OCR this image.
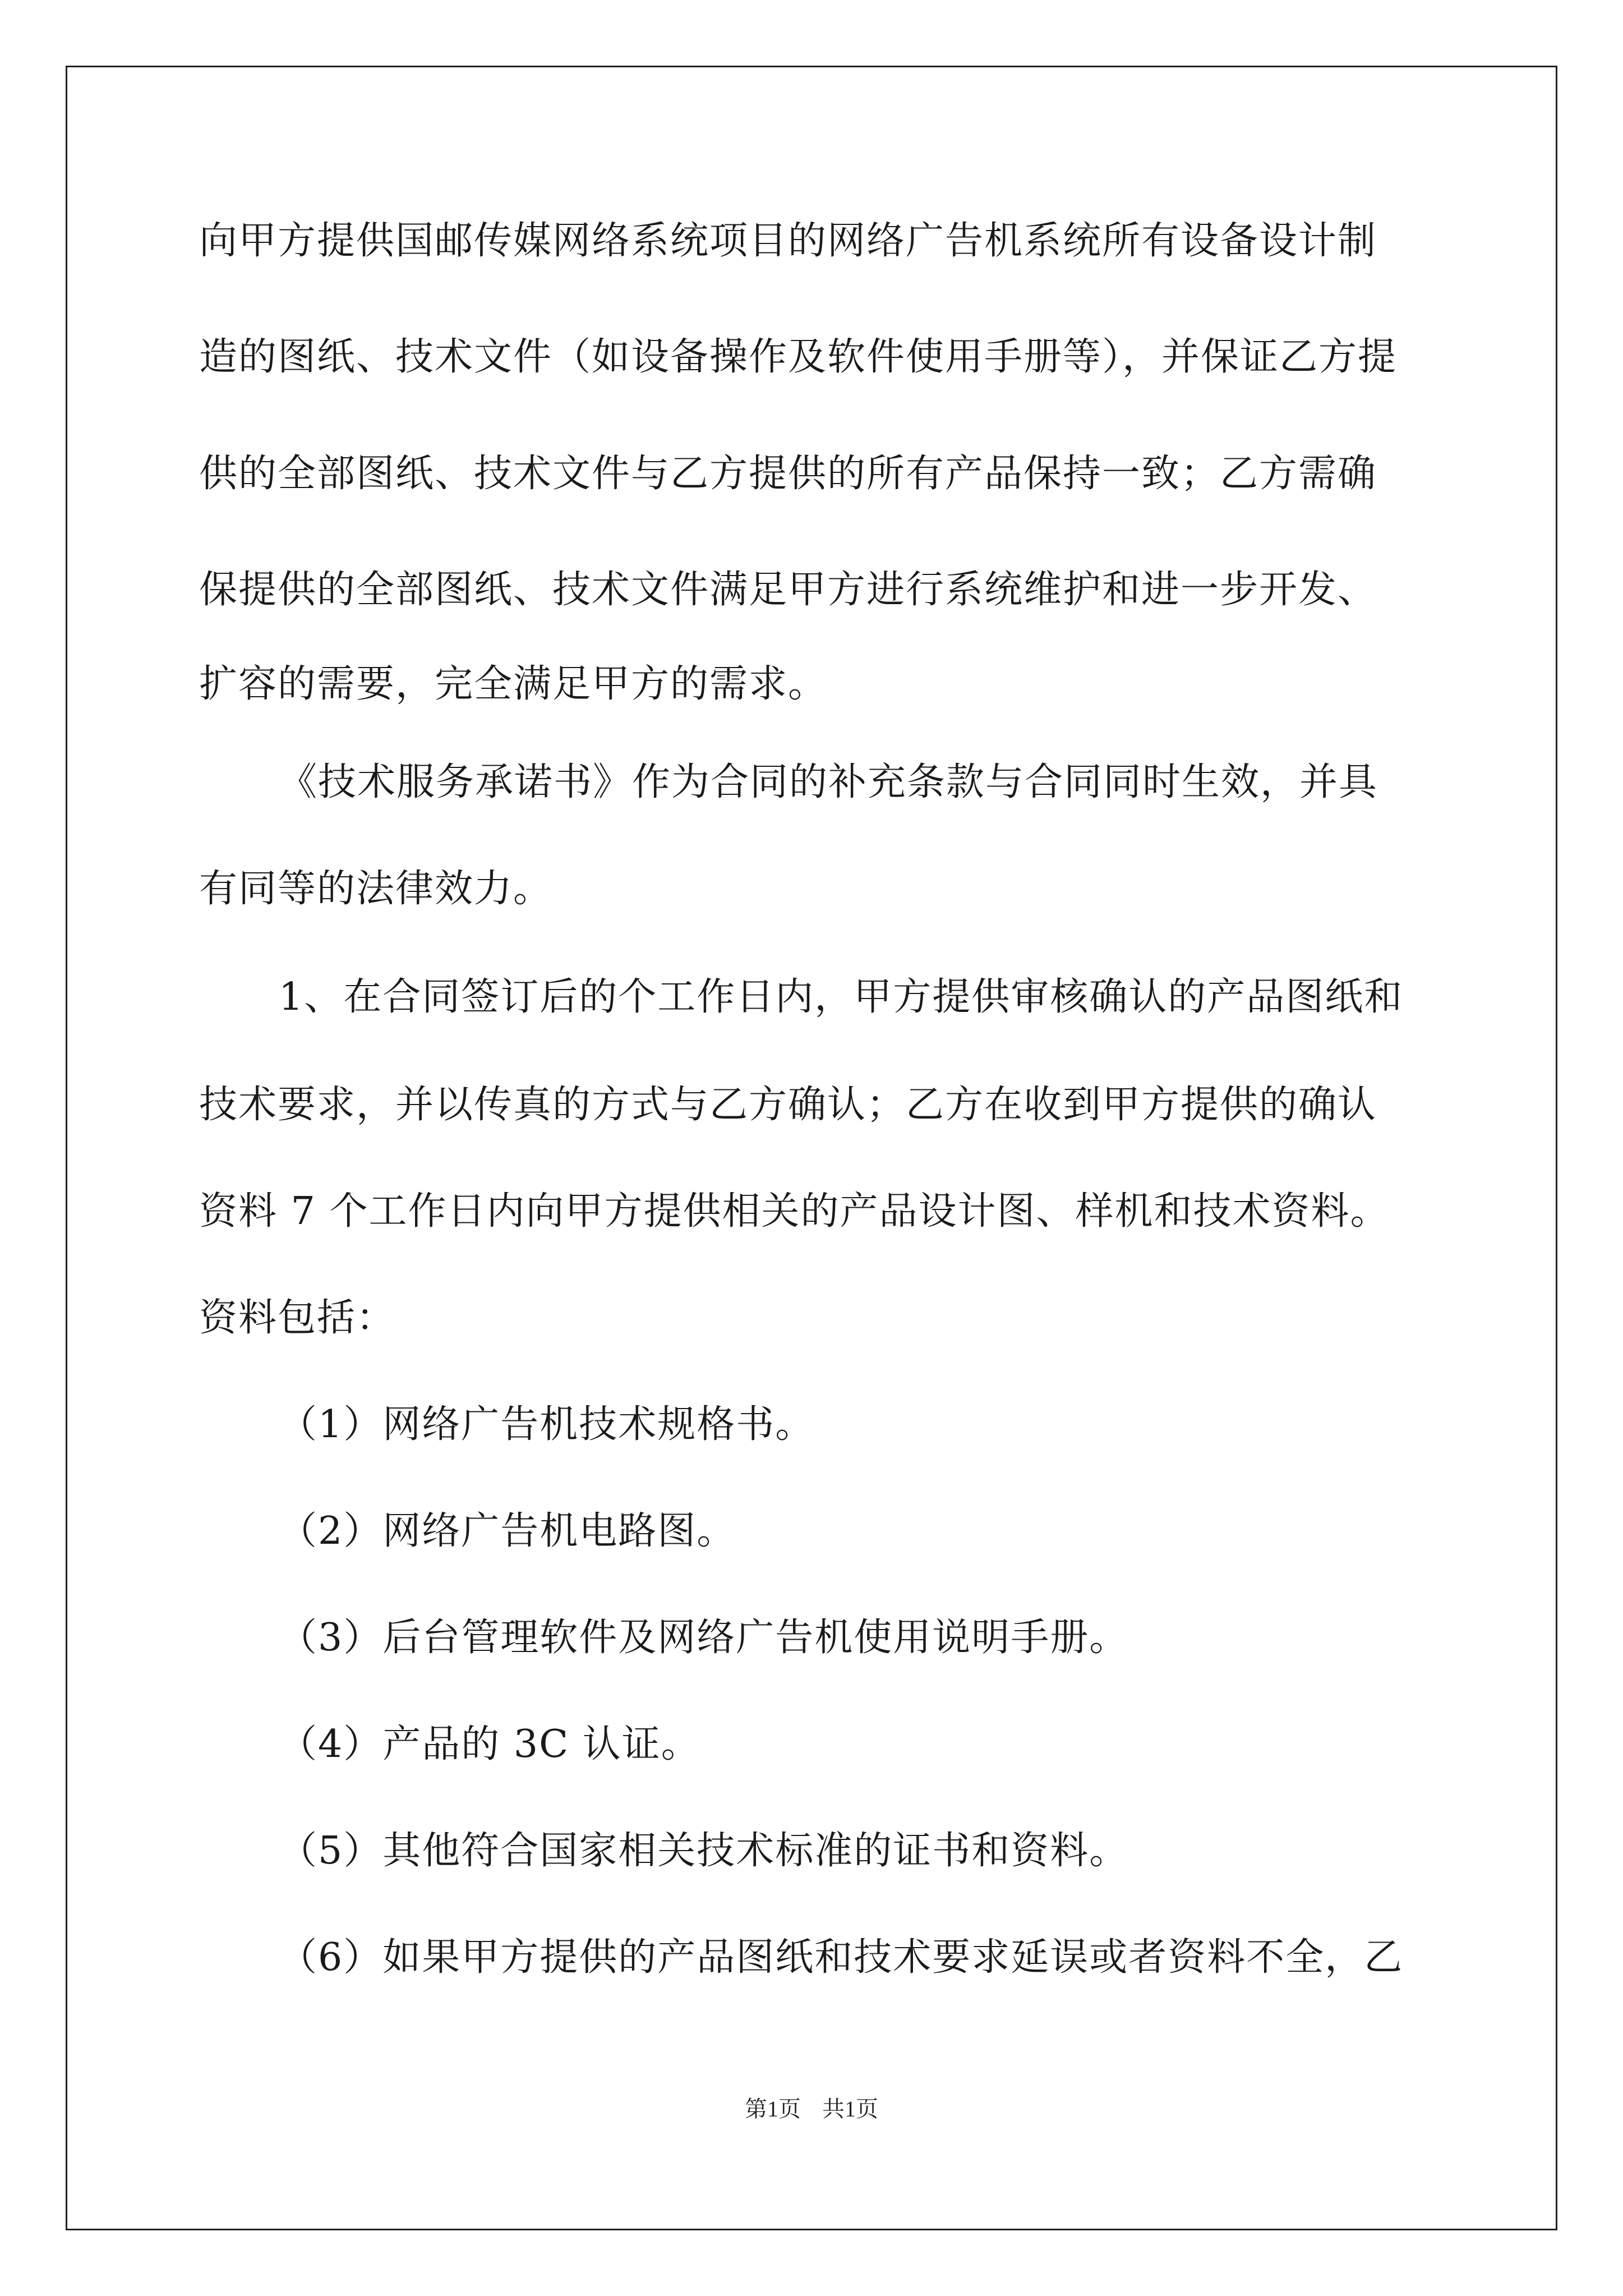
向甲方提供国邮传媒网络系统项目的网络广告机系统所有设备设计制
造的图纸、技术文件（如设备操作及软件使用手册等），并保证乙方提
供的全部图纸、技术文件与乙方提供的所有产品保持一致；乙方需确
保提供的全部图纸、技术文件满足甲方进行系统维护和进一步开发、
扩容的需要，完全满足甲方的需求。
《技术服务承诺书》作为合同的补充条款与合同同时生效，并具
有同等的法律效力。
1、在合同签订后的个工作日内，甲方提供审核确认的产品图纸和
技术要求，并以传真的方式与乙方确认；乙方在收到甲方提供的确认
资料 7 个工作日内向甲方提供相关的产品设计图、样机和技术资料。
资料包括：
（1）网络广告机技术规格书。
（2）网络广告机电路图。
（3）后台管理软件及网络广告机使用说明手册。
（4）产品的 3C 认证。
（5）其他符合国家相关技术标准的证书和资料。
（6）如果甲方提供的产品图纸和技术要求延误或者资料不全，乙
第1页 共1页
